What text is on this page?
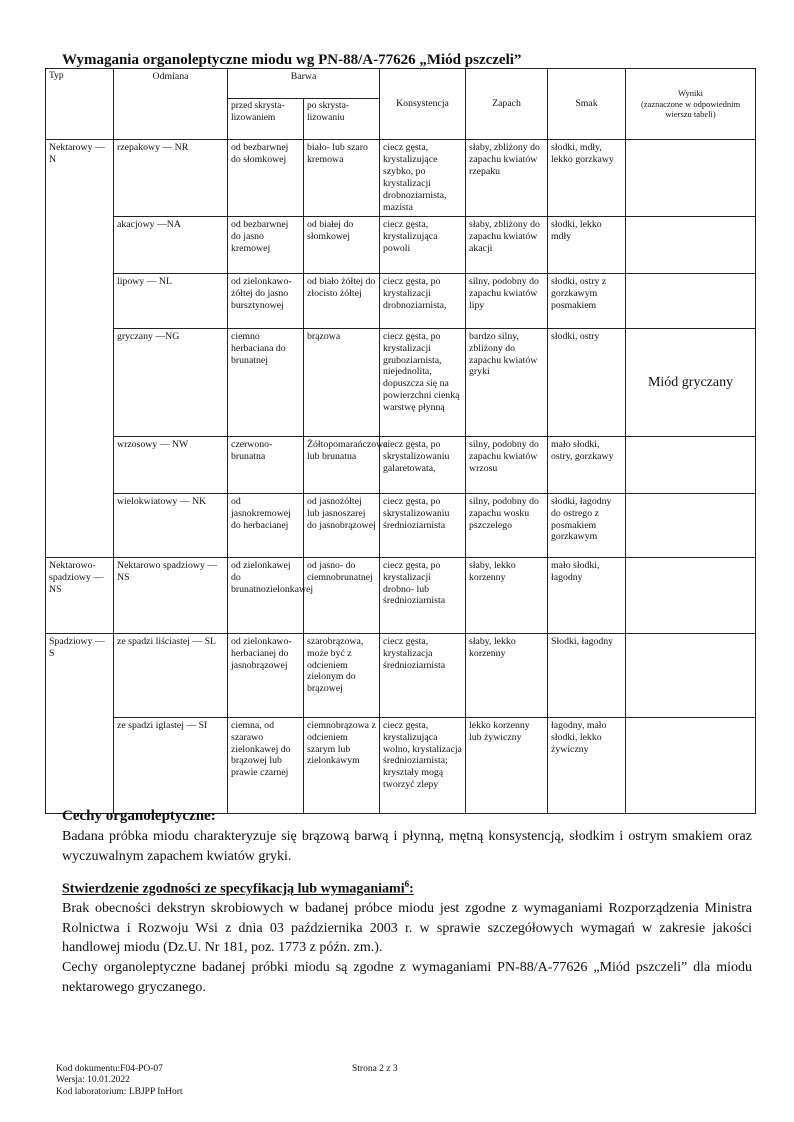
Wymagania organoleptyczne miodu wg PN-88/A-77626 „Miód pszczeli”
Typ	Odmiana	Barwa		Konsystencja	Zapach	Smak	Wyniki
(zaznaczone w odpowiednim wierszu tabeli)

		przed skrysta-lizowaniem	po skrysta-lizowaniu				
Nektarowy — N	rzepakowy — NR	od bezbarwnej do słomkowej	biało- lub szaro kremowa	ciecz gęsta, krystalizujące szybko, po krystalizacji drobnoziarnista, mazista	słaby, zbliżony do zapachu kwiatów rzepaku	słodki, mdły, lekko gorzkawy	
	akacjowy —NA	od bezbarwnej do jasno kremowej	od białej do słomkowej	ciecz gęsta, krystalizująca powoli	słaby, zbliżony do zapachu kwiatów akacji	słodki, lekko mdły	
	lipowy — NL	od zielonkawo-żółtej do jasno bursztynowej	od biało żółtej do złocisto żółtej	ciecz gęsta, po krystalizacji drobnoziarnista,	silny, podobny do zapachu kwiatów lipy	słodki, ostry z gorzkawym posmakiem	
	gryczany —NG	ciemno herbaciana do brunatnej	brązowa	ciecz gęsta, po krystalizacji gruboziarnista, niejednolita, dopuszcza się na powierzchni cienką warstwę płynną	bardzo silny, zbliżony do zapachu kwiatów gryki	słodki, ostry	Miód gryczany
	wrzosowy — NW	czerwono-brunatna	Żółtopomarańczowa lub brunatna	ciecz gęsta, po skrystalizowaniu galaretowata,	silny, podobny do zapachu kwiatów wrzosu	mało słodki, ostry, gorzkawy	
	wielokwiatowy — NK	od jasnokremowej do herbacianej	od jasnożółtej lub jasnoszarej do jasnobrązowej	ciecz gęsta, po skrystalizowaniu średnioziarnista	silny, podobny do zapachu wosku pszczelego	słodki, łagodny do ostrego z posmakiem gorzkawym	
Nektarowo-spadziowy — NS	Nektarowo spadziowy — NS	od zielonkawej do brunatnozielonkawej	od jasno- do ciemnobrunatnej	ciecz gęsta, po krystalizacji drobno- lub średnioziarnista	słaby, lekko korzenny	mało słodki, łagodny	
Spadziowy — S	ze spadzi liściastej — SL	od zielonkawo-herbacianej do jasnobrązowej	szarobrązowa, może być z odcieniem zielonym do brązowej	ciecz gęsta, krystalizacja średnioziarnista	słaby, lekko korzenny	Słodki, łagodny	
	ze spadzi iglastej — SI	ciemna, od szarawo zielonkawej do brązowej lub prawie czarnej	ciemnobrązowa z odcieniem szarym lub zielonkawym	ciecz gęsta, krystalizująca wolno, krystalizacja średnioziarnista; kryształy mogą tworzyć zlepy	lekko korzenny lub żywiczny	łagodny, mało słodki, lekko żywiczny	
Cechy organoleptyczne:
Badana próbka miodu charakteryzuje się brązową barwą i płynną, mętną konsystencją, słodkim i ostrym smakiem oraz wyczuwalnym zapachem kwiatów gryki.
Stwierdzenie zgodności ze specyfikacją lub wymaganiami$^6$:
Brak obecności dekstryn skrobiowych w badanej próbce miodu jest zgodne z wymaganiami Rozporządzenia Ministra Rolnictwa i Rozwoju Wsi z dnia 03 października 2003 r. w sprawie szczegółowych wymagań w zakresie jakości handlowej miodu (Dz.U. Nr 181, poz. 1773 z późn. zm.).
Cechy organoleptyczne badanej próbki miodu są zgodne z wymaganiami PN-88/A-77626 „Miód pszczeli” dla miodu nektarowego gryczanego.
Kod dokumentu:F04-PO-07
Wersja: 10.01.2022
Kod laboratorium: LBJPP InHort
Strona 2 z 3
